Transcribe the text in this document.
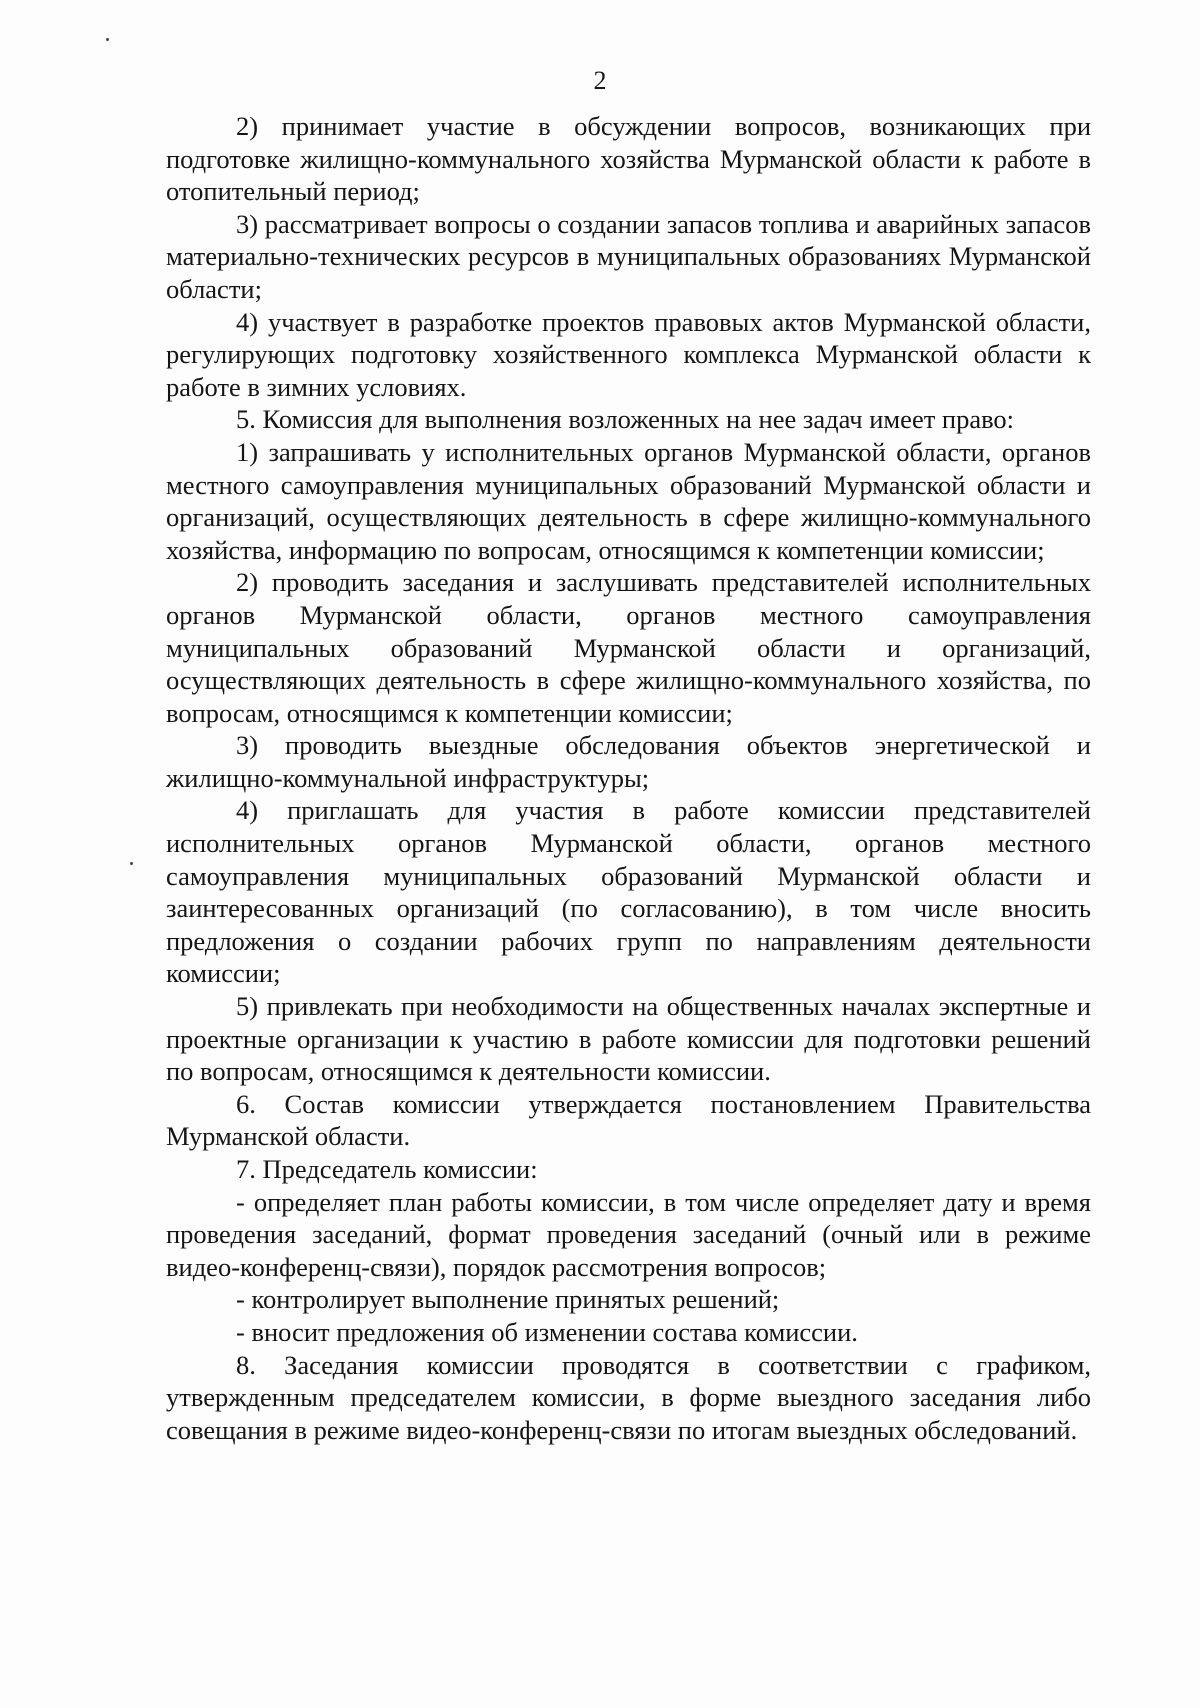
2

2) принимает участие в обсуждении вопросов, возникающих при подготовке жилищно-коммунального хозяйства Мурманской области к работе в отопительный период;

3) рассматривает вопросы о создании запасов топлива и аварийных запасов материально-технических ресурсов в муниципальных образованиях Мурманской области;

4) участвует в разработке проектов правовых актов Мурманской области, регулирующих подготовку хозяйственного комплекса Мурманской области к работе в зимних условиях.

5. Комиссия для выполнения возложенных на нее задач имеет право:

1) запрашивать у исполнительных органов Мурманской области, органов местного самоуправления муниципальных образований Мурманской области и организаций, осуществляющих деятельность в сфере жилищно-коммунального хозяйства, информацию по вопросам, относящимся к компетенции комиссии;

2) проводить заседания и заслушивать представителей исполнительных органов Мурманской области, органов местного самоуправления муниципальных образований Мурманской области и организаций, осуществляющих деятельность в сфере жилищно-коммунального хозяйства, по вопросам, относящимся к компетенции комиссии;

3) проводить выездные обследования объектов энергетической и жилищно-коммунальной инфраструктуры;

4) приглашать для участия в работе комиссии представителей исполнительных органов Мурманской области, органов местного самоуправления муниципальных образований Мурманской области и заинтересованных организаций (по согласованию), в том числе вносить предложения о создании рабочих групп по направлениям деятельности комиссии;

5) привлекать при необходимости на общественных началах экспертные и проектные организации к участию в работе комиссии для подготовки решений по вопросам, относящимся к деятельности комиссии.

6. Состав комиссии утверждается постановлением Правительства Мурманской области.

7. Председатель комиссии:

- определяет план работы комиссии, в том числе определяет дату и время проведения заседаний, формат проведения заседаний (очный или в режиме видео-конференц-связи), порядок рассмотрения вопросов;

- контролирует выполнение принятых решений;

- вносит предложения об изменении состава комиссии.

8. Заседания комиссии проводятся в соответствии с графиком, утвержденным председателем комиссии, в форме выездного заседания либо совещания в режиме видео-конференц-связи по итогам выездных обследований.
